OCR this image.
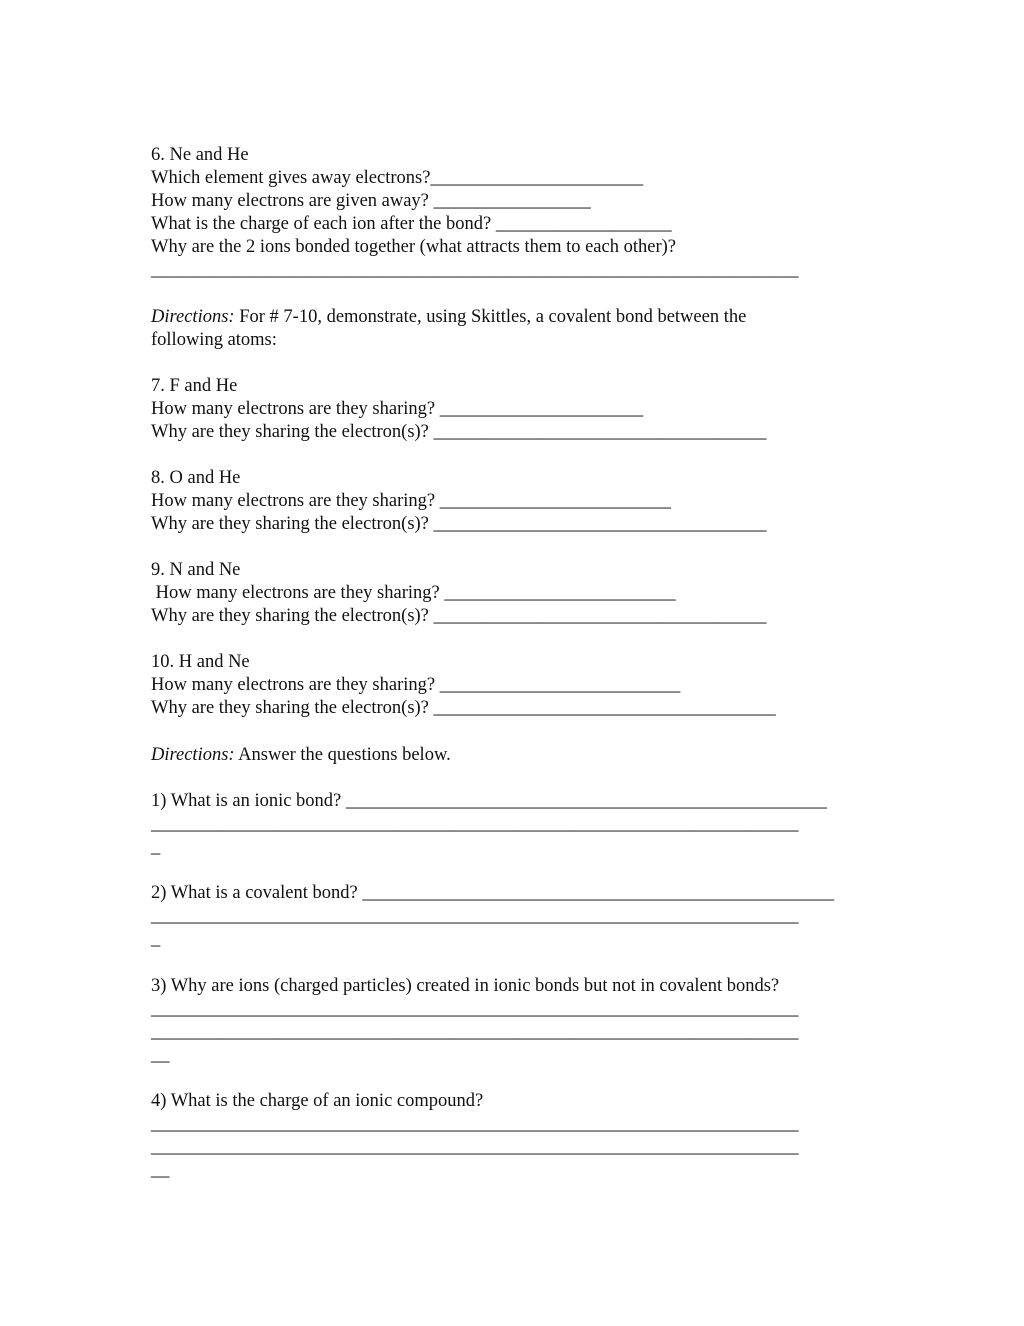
6. Ne and He
Which element gives away electrons?_______________________
How many electrons are given away? _________________
What is the charge of each ion after the bond? ___________________
Why are the 2 ions bonded together (what attracts them to each other)?
______________________________________________________________________
Directions: For # 7-10, demonstrate, using Skittles, a covalent bond between the
following atoms:
7. F and He
How many electrons are they sharing? ______________________
Why are they sharing the electron(s)? ____________________________________
8. O and He
How many electrons are they sharing? _________________________
Why are they sharing the electron(s)? ____________________________________
9. N and Ne
How many electrons are they sharing? _________________________
Why are they sharing the electron(s)? ____________________________________
10. H and Ne
How many electrons are they sharing? __________________________
Why are they sharing the electron(s)? _____________________________________
Directions: Answer the questions below.
1) What is an ionic bond? ____________________________________________________
______________________________________________________________________
_
2) What is a covalent bond? ___________________________________________________
______________________________________________________________________
_
3) Why are ions (charged particles) created in ionic bonds but not in covalent bonds?
______________________________________________________________________
______________________________________________________________________
__
4) What is the charge of an ionic compound?
______________________________________________________________________
______________________________________________________________________
__
